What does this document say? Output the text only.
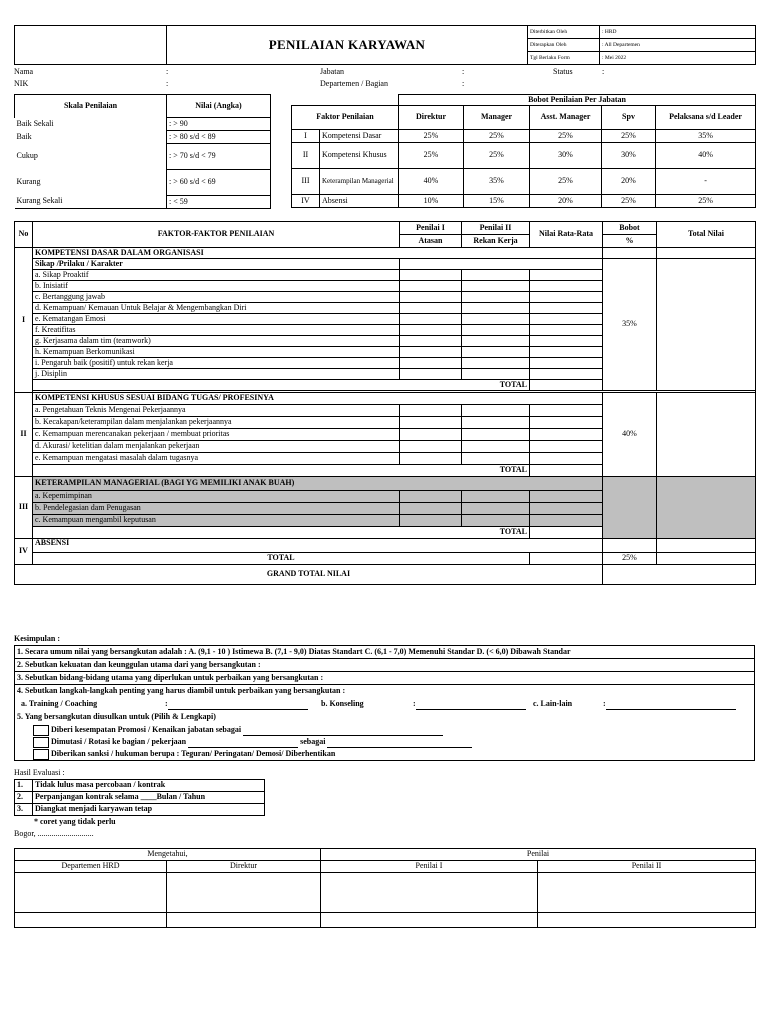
	PENILAIAN KARYAWAN	Diterbitkan Oleh	: HRD
		Diterapkan Oleh	: All Departemen
		Tgl Berlaku Form	: Mei 2022
Nama	:
NIK	:
Jabatan	:
Departemen / Bagian	:
Status	:
Skala Penilaian	Nilai (Angka)
Baik Sekali	: > 90
Baik	: > 80 s/d < 89
Cukup	: > 70 s/d < 79
Kurang	: > 60 s/d < 69
Kurang Sekali	: < 59
		Bobot Penilaian Per Jabatan				
Faktor Penilaian		Direktur	Manager	Asst. Manager	Spv	Pelaksana s/d Leader
I	Kompetensi Dasar	25%	25%	25%	25%	35%
II	Kompetensi Khusus	25%	25%	30%	30%	40%
III	Keterampilan Managerial	40%	35%	25%	20%	-
IV	Absensi	10%	15%	20%	25%	25%
No	FAKTOR-FAKTOR PENILAIAN	Penilai I	Penilai II	Nilai Rata-Rata	Bobot	Total Nilai
		Atasan	Rekan Kerja		%	
I	KOMPETENSI DASAR DALAM ORGANISASI					
	Sikap /Prilaku / Karakter				35%	
	a. Sikap Proaktif					
	b. Inisiatif					
	c. Bertanggung jawab					
	d. Kemampuan/ Kemauan Untuk Belajar & Mengembangkan Diri					
	e. Kematangan Emosi					
	f. Kreatifitas					
	g. Kerjasama dalam tim (teamwork)					
	h. Kemampuan Berkomunikasi					
	i. Pengaruh baik (positif) untuk rekan kerja					
	j. Disiplin					
	TOTAL					

II	KOMPETENSI KHUSUS SESUAI BIDANG TUGAS/ PROFESINYA				40%	
	a. Pengetahuan Teknis Mengenai Pekerjaannya					
	b. Kecakapan/keterampilan dalam menjalankan pekerjaannya					
	c. Kemampuan merencanakan pekerjaan / membuat prioritas					
	d. Akurasi/ ketelitian dalam menjalankan pekerjaan					
	e. Kemampuan mengatasi masalah dalam tugasnya					
	TOTAL					
III	KETERAMPILAN MANAGERIAL (BAGI YG MEMILIKI ANAK BUAH)					
	a. Kepemimpinan					
	b. Pendelegasian dam Penugasan					
	c. Kemampuan mengambil keputusan					
	TOTAL					
IV	ABSENSI					
	TOTAL				25%	
GRAND TOTAL NILAI						
Kesimpulan :
1. Secara umum nilai yang bersangkutan adalah : A. (9,1 - 10 ) Istimewa B. (7,1 - 9,0) Diatas Standart C. (6,1 - 7,0) Memenuhi Standar D. (< 6,0) Dibawah Standar
2. Sebutkan kekuatan dan keunggulan utama dari yang bersangkutan :
3. Sebutkan bidang-bidang utama yang diperlukan untuk perbaikan yang bersangkutan :
4. Sebutkan langkah-langkah penting yang harus diambil untuk perbaikan yang bersangkutan :
a. Training / Coaching	:	b. Konseling	:	c. Lain-lain	:
5. Yang bersangkutan diusulkan untuk (Pilih & Lengkapi)
Diberi kesempatan Promosi / Kenaikan jabatan sebagai
Dimutasi / Rotasi ke bagian / pekerjaan	sebagai
Diberikan sanksi / hukuman berupa : Teguran/ Peringatan/ Demosi/ Diberhentikan
Hasil Evaluasi :
1.	Tidak lulus masa percobaan / kontrak
2.	Perpanjangan kontrak selama ____Bulan / Tahun
3.	Diangkat menjadi karyawan tetap
* coret yang tidak perlu
Bogor, ............................
Mengetahui,		Penilai	
Departemen HRD	Direktur	Penilai I	Penilai II
